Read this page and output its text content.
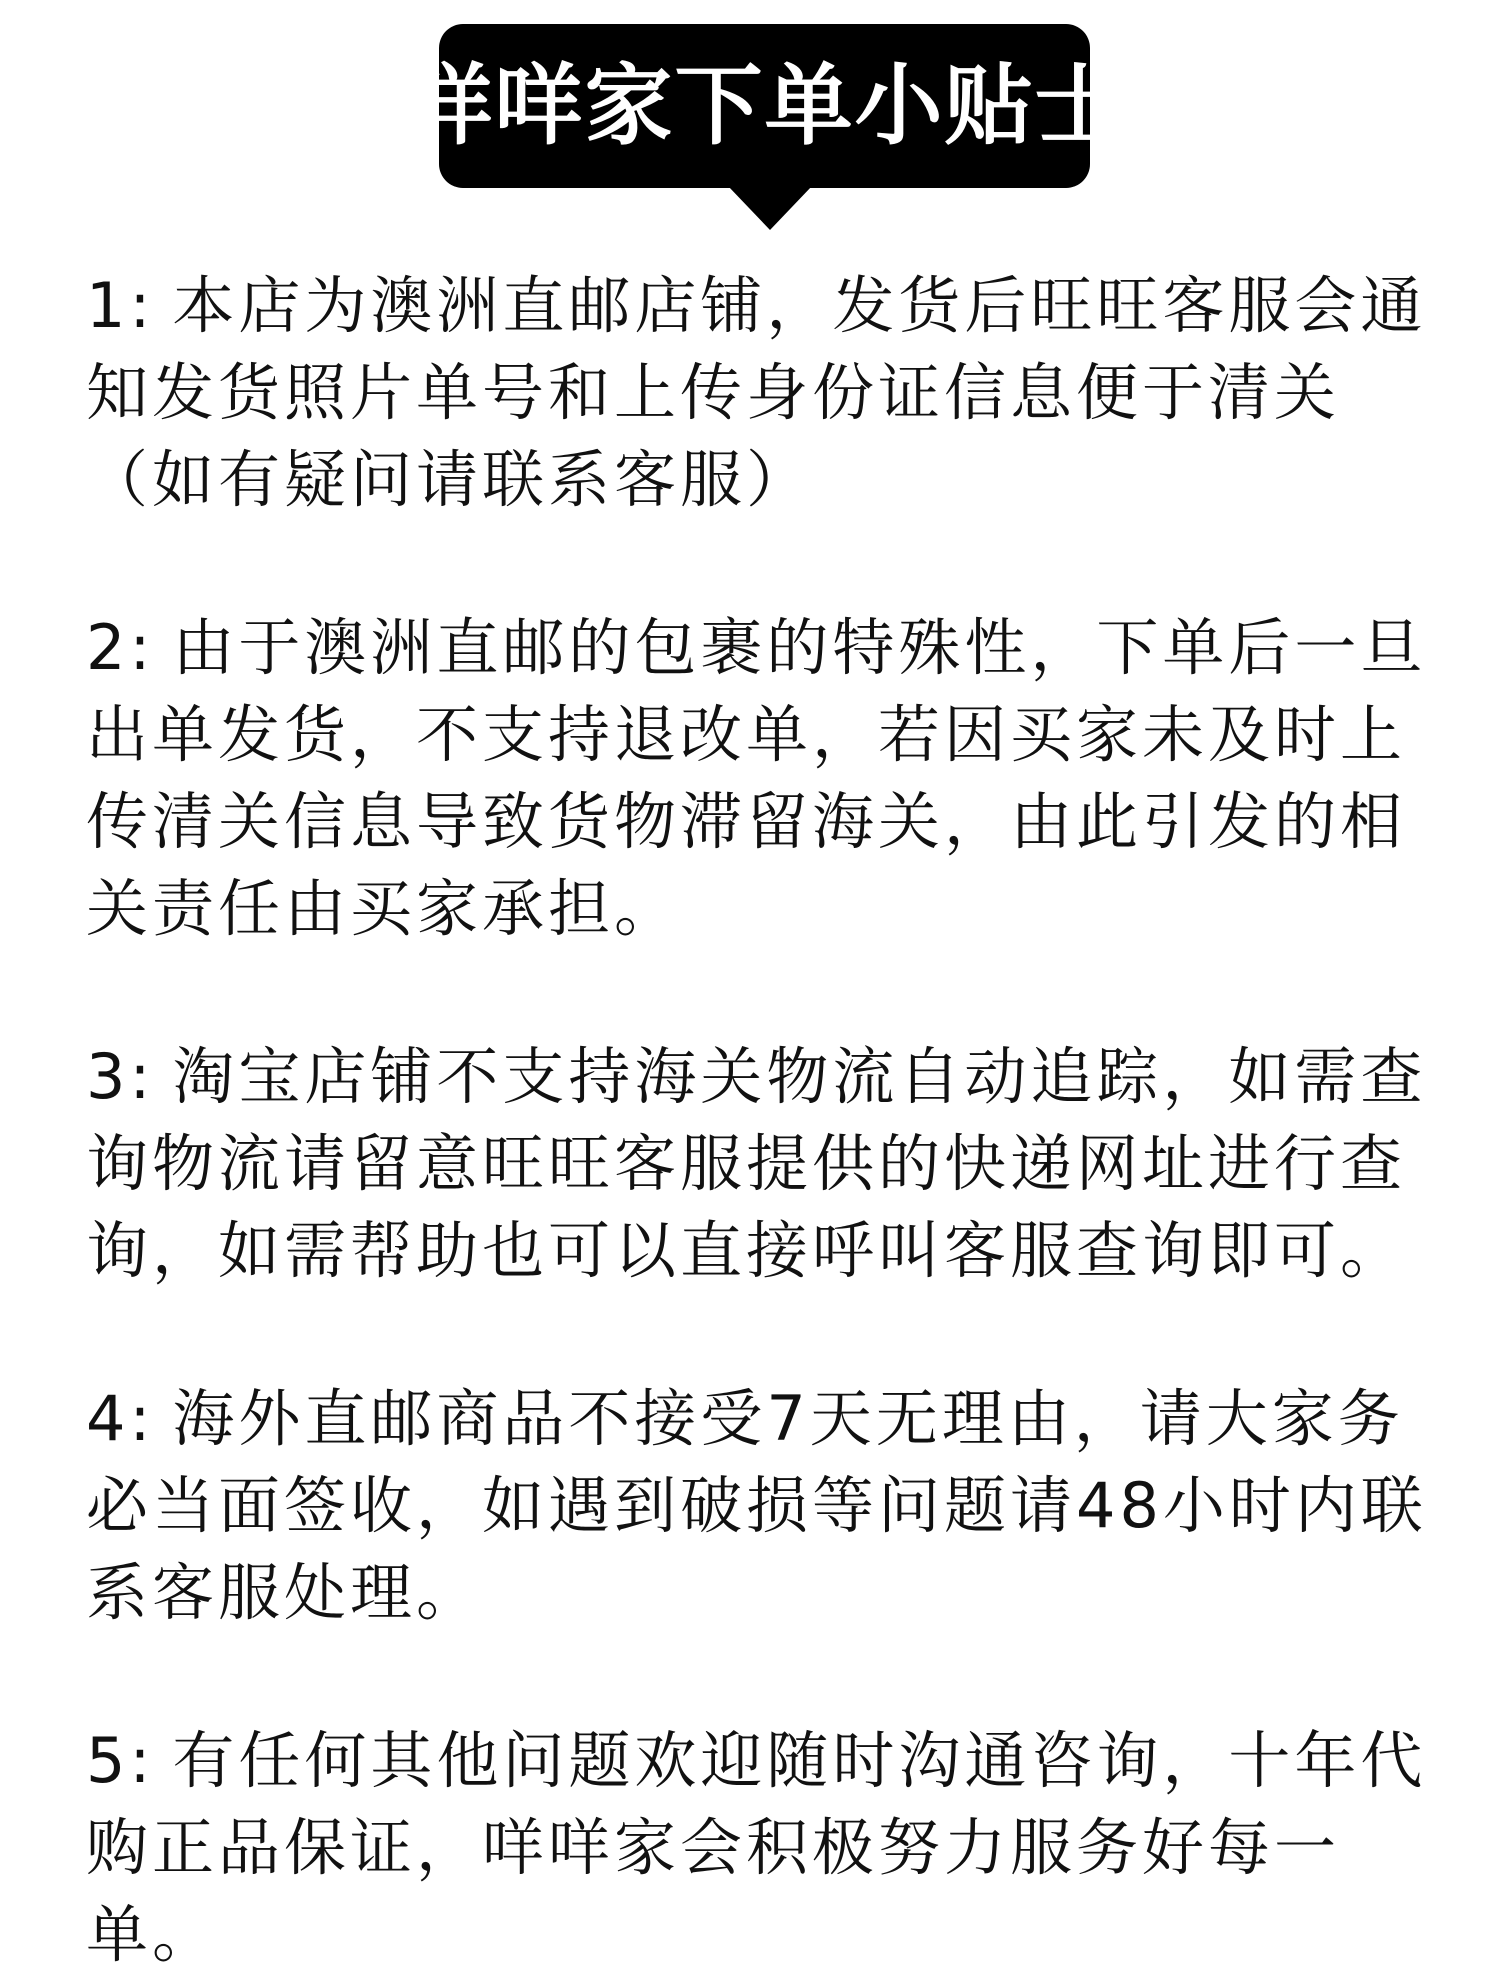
咩咩家下单小贴士

1: 本店为澳洲直邮店铺，发货后旺旺客服会通知发货照片单号和上传身份证信息便于清关（如有疑问请联系客服）

2: 由于澳洲直邮的包裹的特殊性，下单后一旦出单发货，不支持退改单，若因买家未及时上传清关信息导致货物滞留海关，由此引发的相关责任由买家承担。

3: 淘宝店铺不支持海关物流自动追踪，如需查询物流请留意旺旺客服提供的快递网址进行查询，如需帮助也可以直接呼叫客服查询即可。

4: 海外直邮商品不接受7天无理由，请大家务必当面签收，如遇到破损等问题请48小时内联系客服处理。

5: 有任何其他问题欢迎随时沟通咨询，十年代购正品保证，咩咩家会积极努力服务好每一单。
